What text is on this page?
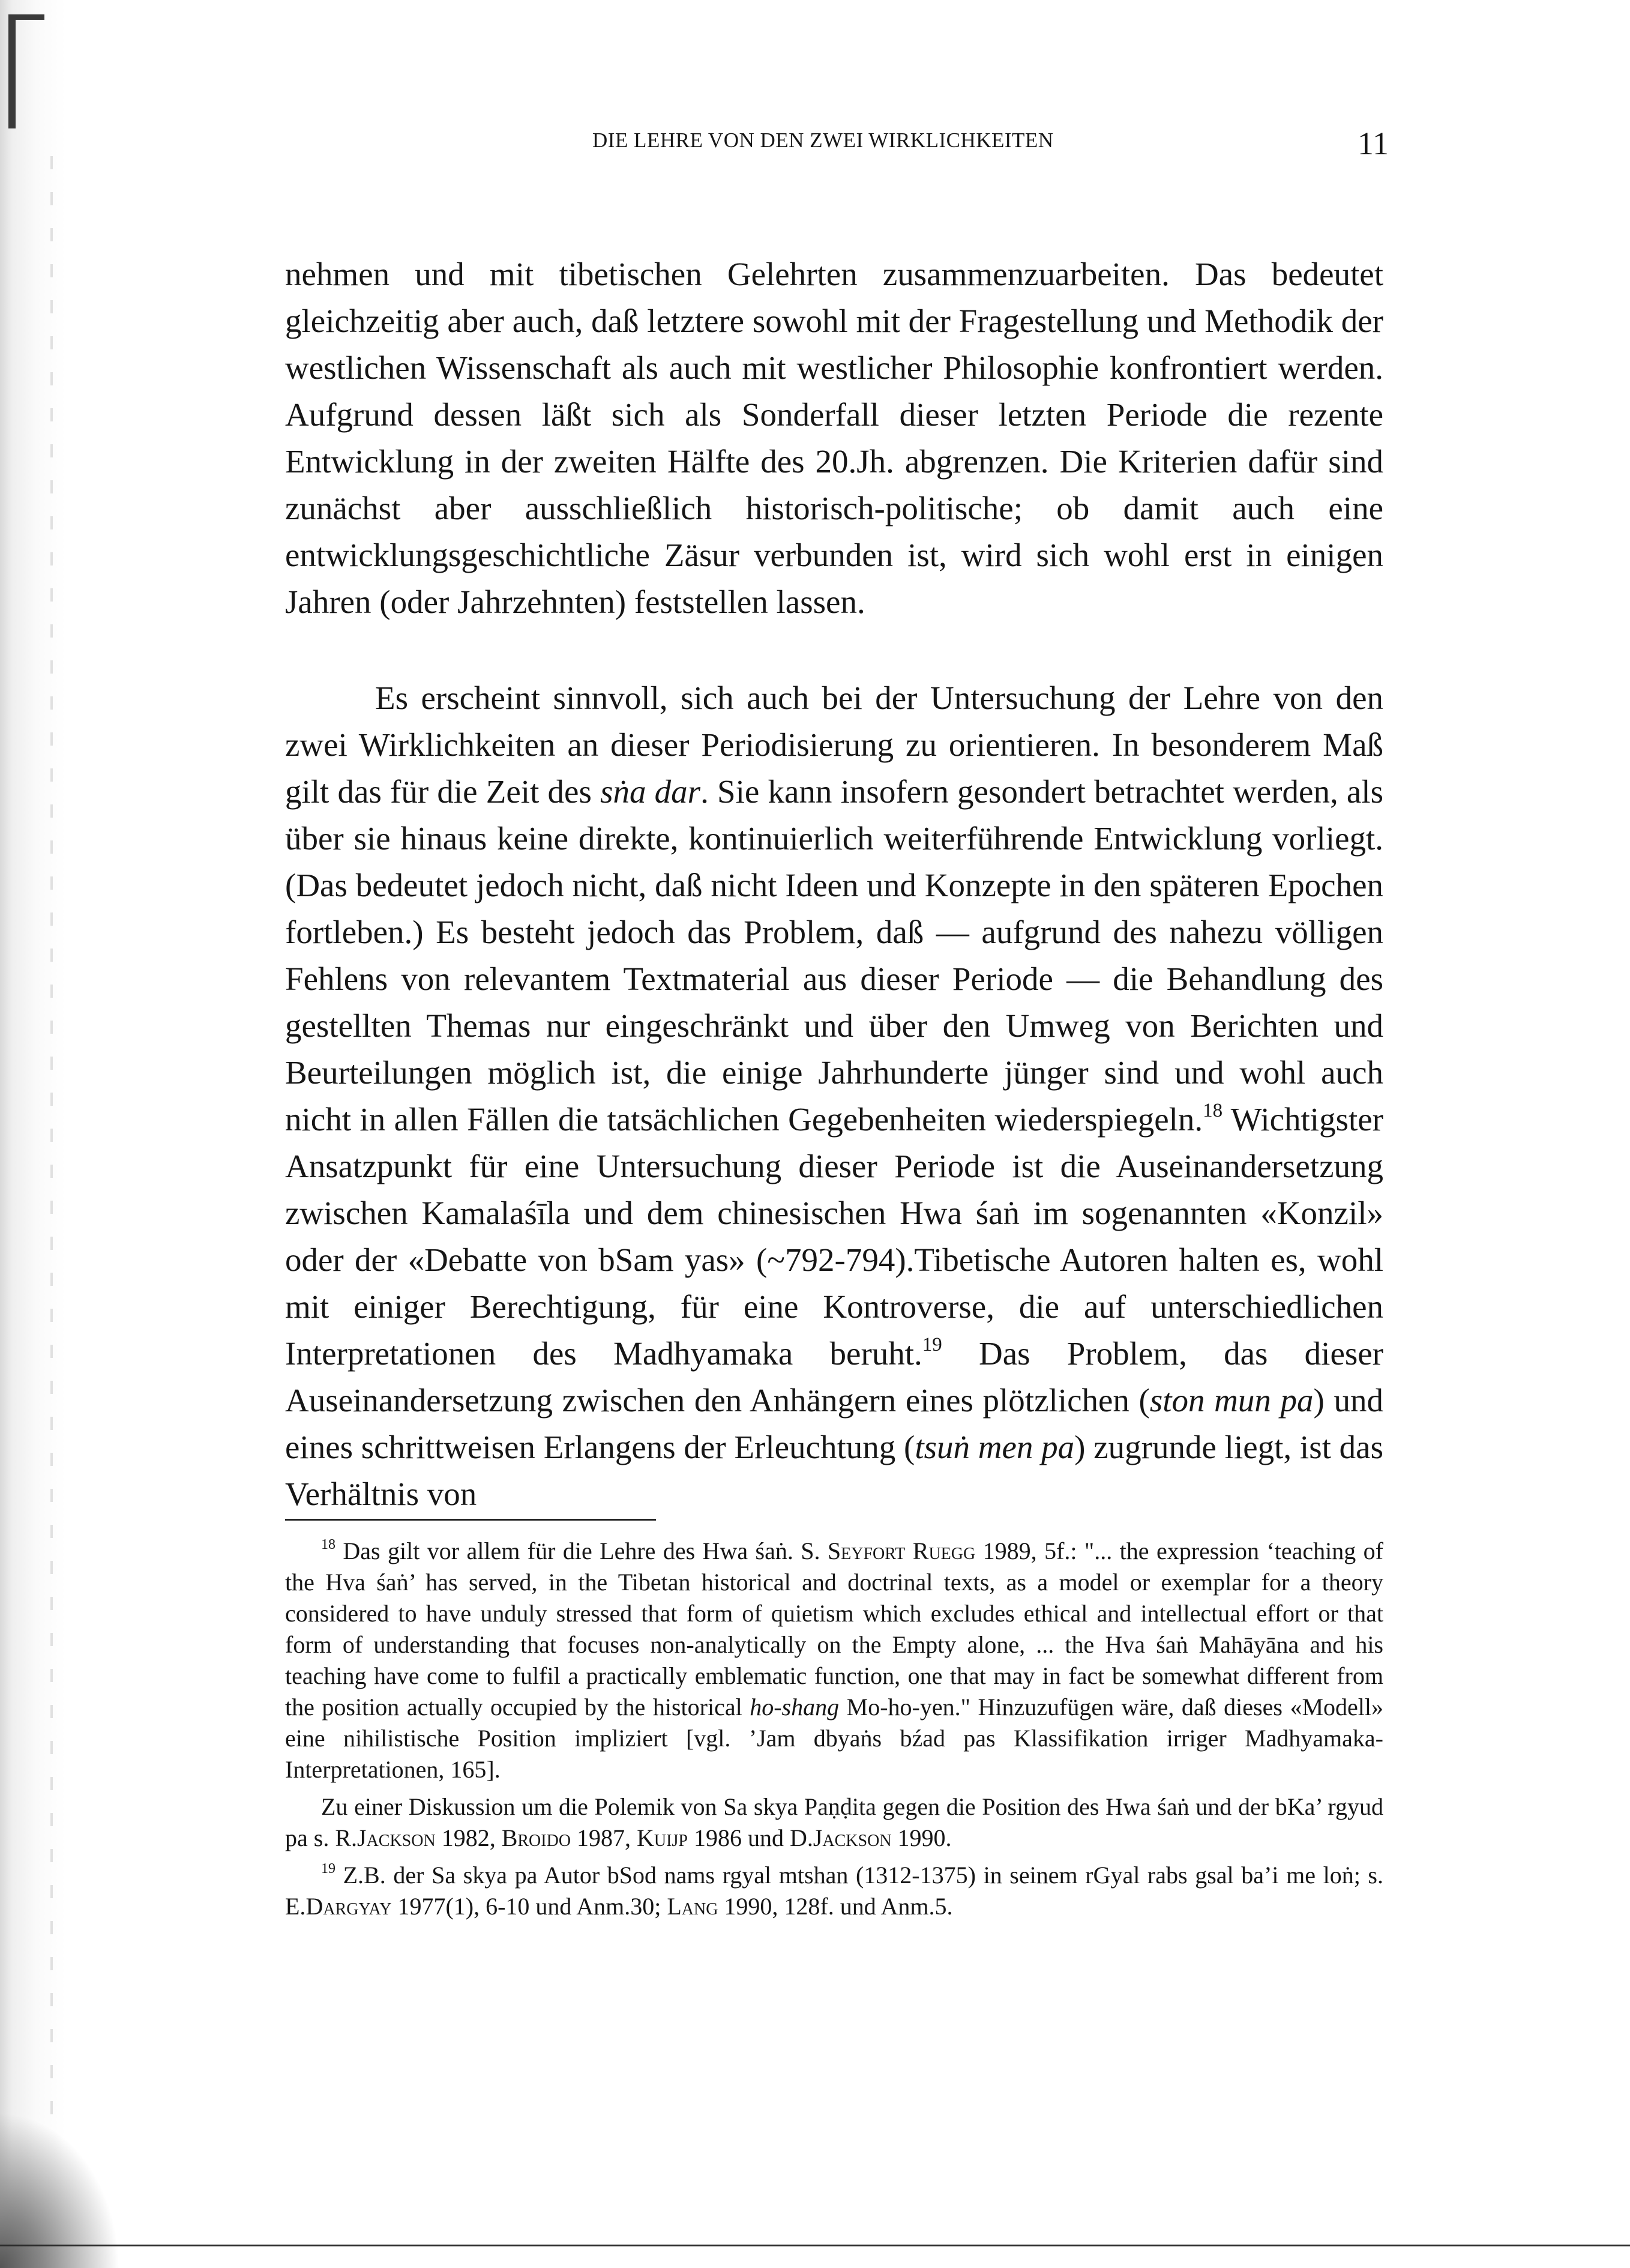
DIE LEHRE VON DEN ZWEI WIRKLICHKEITEN	11

nehmen und mit tibetischen Gelehrten zusammenzuarbeiten. Das bedeutet gleichzeitig aber auch, daß letztere sowohl mit der Fragestellung und Methodik der westlichen Wissenschaft als auch mit westlicher Philosophie konfrontiert werden. Aufgrund dessen läßt sich als Sonderfall dieser letzten Periode die rezente Entwicklung in der zweiten Hälfte des 20.Jh. abgrenzen. Die Kriterien dafür sind zunächst aber ausschließlich historisch-politische; ob damit auch eine entwicklungsgeschichtliche Zäsur verbunden ist, wird sich wohl erst in einigen Jahren (oder Jahrzehnten) feststellen lassen.

Es erscheint sinnvoll, sich auch bei der Untersuchung der Lehre von den zwei Wirklichkeiten an dieser Periodisierung zu orientieren. In besonderem Maß gilt das für die Zeit des sṅa dar. Sie kann insofern gesondert betrachtet werden, als über sie hinaus keine direkte, kontinuierlich weiterführende Entwicklung vorliegt. (Das bedeutet jedoch nicht, daß nicht Ideen und Konzepte in den späteren Epochen fortleben.) Es besteht jedoch das Problem, daß — aufgrund des nahezu völligen Fehlens von relevantem Textmaterial aus dieser Periode — die Behandlung des gestellten Themas nur eingeschränkt und über den Umweg von Berichten und Beurteilungen möglich ist, die einige Jahrhunderte jünger sind und wohl auch nicht in allen Fällen die tatsächlichen Gegebenheiten wiederspiegeln.$^{18}$ Wichtigster Ansatzpunkt für eine Untersuchung dieser Periode ist die Auseinandersetzung zwischen Kamalaśīla und dem chinesischen Hwa śaṅ im sogenannten «Konzil» oder der «Debatte von bSam yas» (~792-794).Tibetische Autoren halten es, wohl mit einiger Berechtigung, für eine Kontroverse, die auf unterschiedlichen Interpretationen des Madhyamaka beruht.$^{19}$ Das Problem, das dieser Auseinandersetzung zwischen den Anhängern eines plötzlichen (ston mun pa) und eines schrittweisen Erlangens der Erleuchtung (tsuṅ men pa) zugrunde liegt, ist das Verhältnis von

$^{18}$ Das gilt vor allem für die Lehre des Hwa śaṅ. S. Seyfort Ruegg 1989, 5f.: "... the expression ‘teaching of the Hva śaṅ’ has served, in the Tibetan historical and doctrinal texts, as a model or exemplar for a theory considered to have unduly stressed that form of quietism which excludes ethical and intellectual effort or that form of understanding that focuses non-analytically on the Empty alone, ... the Hva śaṅ Mahāyāna and his teaching have come to fulfil a practically emblematic function, one that may in fact be somewhat different from the position actually occupied by the historical ho-shang Mo-ho-yen." Hinzuzufügen wäre, daß dieses «Modell» eine nihilistische Position impliziert [vgl. ’Jam dbyaṅs bźad pas Klassifikation irriger Madhyamaka-Interpretationen, 165].

Zu einer Diskussion um die Polemik von Sa skya Paṇḍita gegen die Position des Hwa śaṅ und der bKa’ rgyud pa s. R.Jackson 1982, Broido 1987, Kuijp 1986 und D.Jackson 1990.

$^{19}$ Z.B. der Sa skya pa Autor bSod nams rgyal mtshan (1312-1375) in seinem rGyal rabs gsal ba’i me loṅ; s. E.Dargyay 1977(1), 6-10 und Anm.30; Lang 1990, 128f. und Anm.5.
